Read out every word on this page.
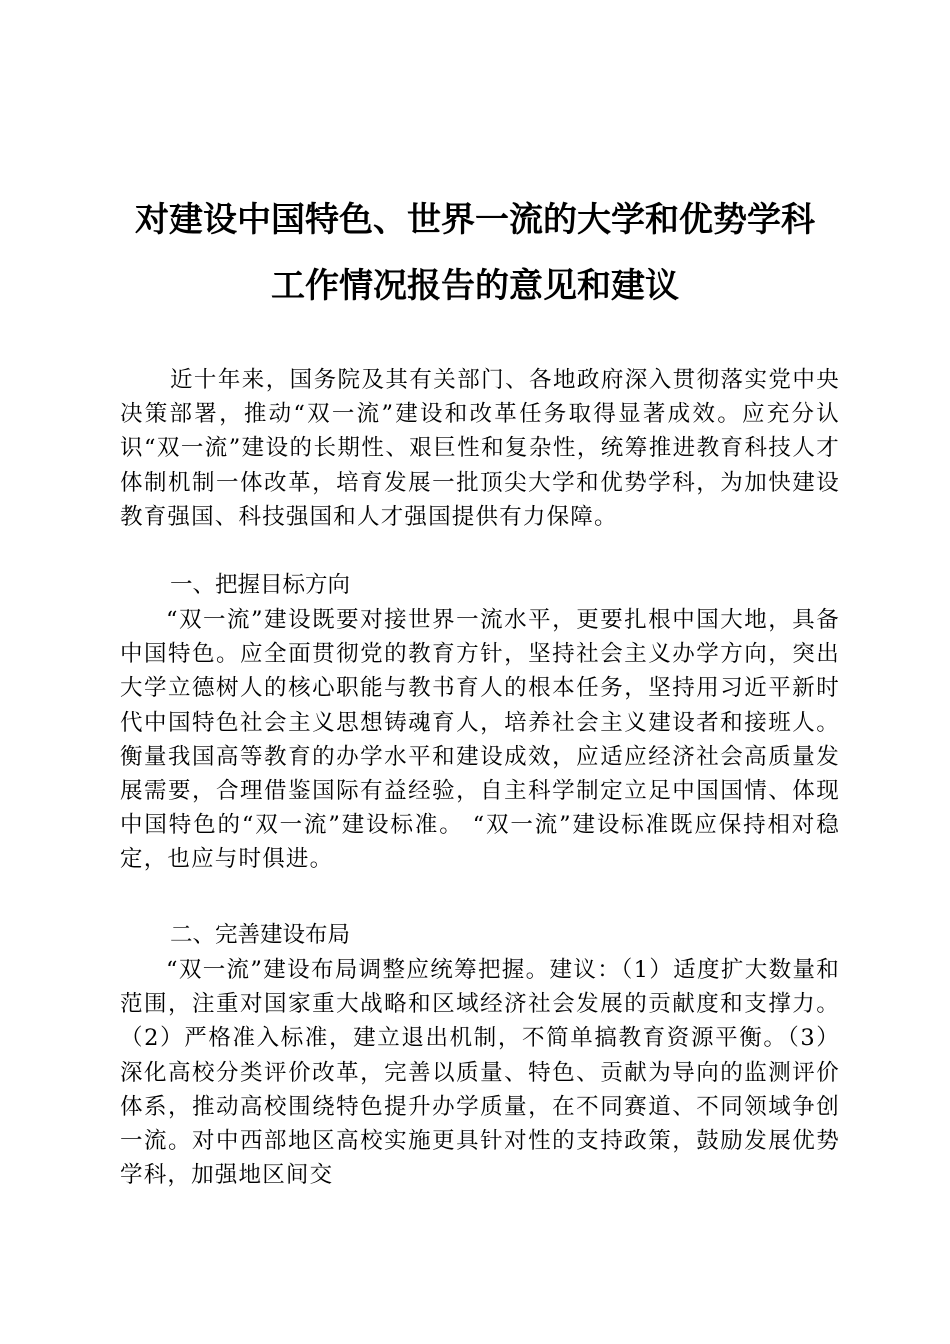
对建设中国特色、世界一流的大学和优势学科
工作情况报告的意见和建议
近十年来，国务院及其有关部门、各地政府深入贯彻落实党中央决策部署，推动“双一流”建设和改革任务取得显著成效。应充分认识“双一流”建设的长期性、艰巨性和复杂性，统筹推进教育科技人才体制机制一体改革，培育发展一批顶尖大学和优势学科，为加快建设教育强国、科技强国和人才强国提供有力保障。
一、把握目标方向
“双一流”建设既要对接世界一流水平，更要扎根中国大地，具备中国特色。应全面贯彻党的教育方针，坚持社会主义办学方向，突出大学立德树人的核心职能与教书育人的根本任务，坚持用习近平新时代中国特色社会主义思想铸魂育人，培养社会主义建设者和接班人。衡量我国高等教育的办学水平和建设成效，应适应经济社会高质量发展需要，合理借鉴国际有益经验，自主科学制定立足中国国情、体现中国特色的“双一流”建设标准。 “双一流”建设标准既应保持相对稳定，也应与时俱进。
二、完善建设布局
“双一流”建设布局调整应统筹把握。建议：（1）适度扩大数量和范围，注重对国家重大战略和区域经济社会发展的贡献度和支撑力。（2）严格准入标准，建立退出机制，不简单搞教育资源平衡。（3）深化高校分类评价改革，完善以质量、特色、贡献为导向的监测评价体系，推动高校围绕特色提升办学质量，在不同赛道、不同领域争创一流。对中西部地区高校实施更具针对性的支持政策，鼓励发展优势学科，加强地区间交
